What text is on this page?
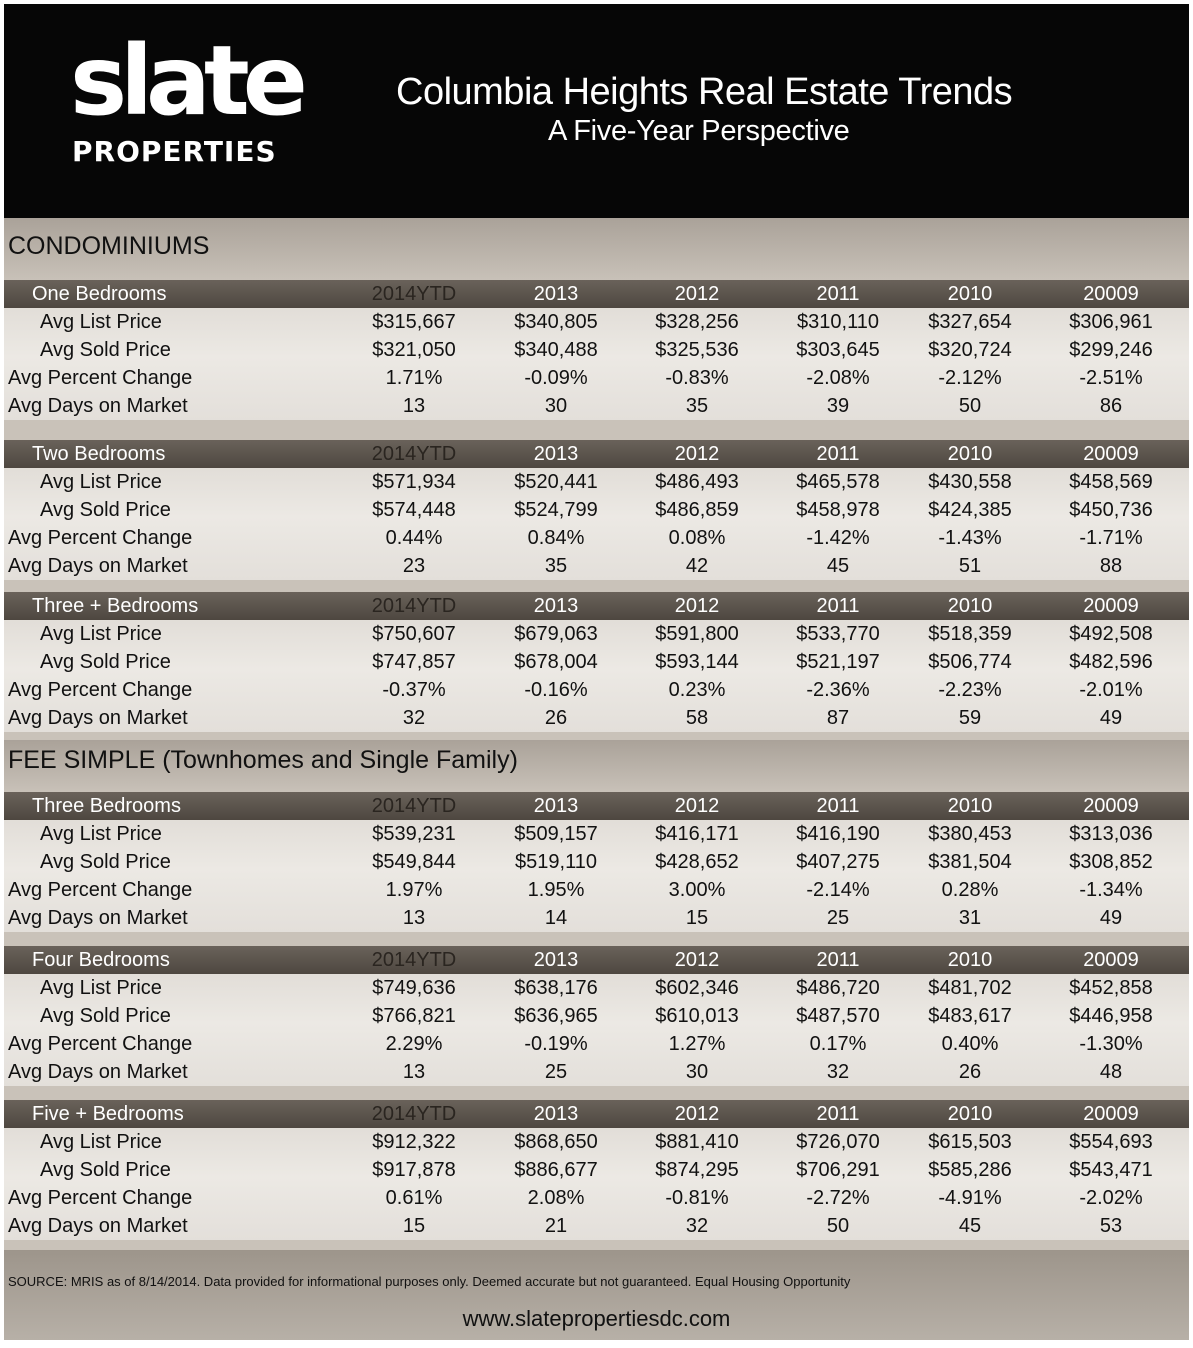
slate
PROPERTIES
Columbia Heights Real Estate Trends
A Five-Year Perspective
CONDOMINIUMS
One Bedrooms	2014YTD	2013	2012	2011	2010	20009
Avg List Price	$315,667	$340,805	$328,256	$310,110	$327,654	$306,961
Avg Sold Price	$321,050	$340,488	$325,536	$303,645	$320,724	$299,246
Avg Percent Change	1.71%	-0.09%	-0.83%	-2.08%	-2.12%	-2.51%
Avg Days on Market	13	30	35	39	50	86
Two Bedrooms	2014YTD	2013	2012	2011	2010	20009
Avg List Price	$571,934	$520,441	$486,493	$465,578	$430,558	$458,569
Avg Sold Price	$574,448	$524,799	$486,859	$458,978	$424,385	$450,736
Avg Percent Change	0.44%	0.84%	0.08%	-1.42%	-1.43%	-1.71%
Avg Days on Market	23	35	42	45	51	88
Three + Bedrooms	2014YTD	2013	2012	2011	2010	20009
Avg List Price	$750,607	$679,063	$591,800	$533,770	$518,359	$492,508
Avg Sold Price	$747,857	$678,004	$593,144	$521,197	$506,774	$482,596
Avg Percent Change	-0.37%	-0.16%	0.23%	-2.36%	-2.23%	-2.01%
Avg Days on Market	32	26	58	87	59	49
FEE SIMPLE (Townhomes and Single Family)
Three Bedrooms	2014YTD	2013	2012	2011	2010	20009
Avg List Price	$539,231	$509,157	$416,171	$416,190	$380,453	$313,036
Avg Sold Price	$549,844	$519,110	$428,652	$407,275	$381,504	$308,852
Avg Percent Change	1.97%	1.95%	3.00%	-2.14%	0.28%	-1.34%
Avg Days on Market	13	14	15	25	31	49
Four Bedrooms	2014YTD	2013	2012	2011	2010	20009
Avg List Price	$749,636	$638,176	$602,346	$486,720	$481,702	$452,858
Avg Sold Price	$766,821	$636,965	$610,013	$487,570	$483,617	$446,958
Avg Percent Change	2.29%	-0.19%	1.27%	0.17%	0.40%	-1.30%
Avg Days on Market	13	25	30	32	26	48
Five + Bedrooms	2014YTD	2013	2012	2011	2010	20009
Avg List Price	$912,322	$868,650	$881,410	$726,070	$615,503	$554,693
Avg Sold Price	$917,878	$886,677	$874,295	$706,291	$585,286	$543,471
Avg Percent Change	0.61%	2.08%	-0.81%	-2.72%	-4.91%	-2.02%
Avg Days on Market	15	21	32	50	45	53
SOURCE: MRIS as of 8/14/2014. Data provided for informational purposes only. Deemed accurate but not guaranteed. Equal Housing Opportunity
www.slatepropertiesdc.com
